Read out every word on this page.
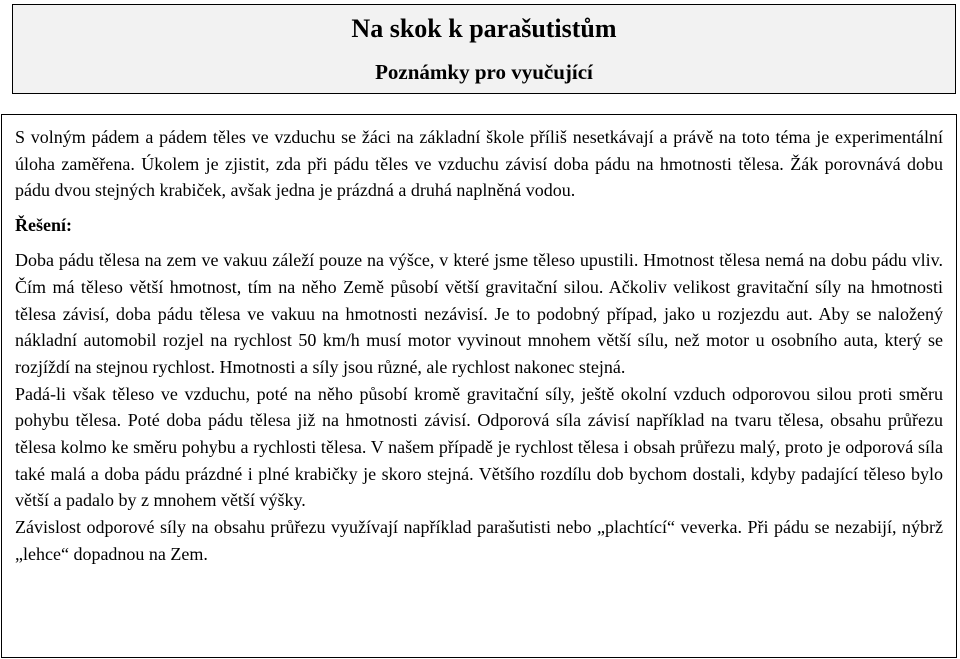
Na skok k parašutistům
Poznámky pro vyučující

S volným pádem a pádem těles ve vzduchu se žáci na základní škole příliš nesetkávají a právě na toto téma je experimentální úloha zaměřena. Úkolem je zjistit, zda při pádu těles ve vzduchu závisí doba pádu na hmotnosti tělesa. Žák porovnává dobu pádu dvou stejných krabiček, avšak jedna je prázdná a druhá naplněná vodou.

Řešení:

Doba pádu tělesa na zem ve vakuu záleží pouze na výšce, v které jsme těleso upustili. Hmotnost tělesa nemá na dobu pádu vliv. Čím má těleso větší hmotnost, tím na něho Země působí větší gravitační silou. Ačkoliv velikost gravitační síly na hmotnosti tělesa závisí, doba pádu tělesa ve vakuu na hmotnosti nezávisí. Je to podobný případ, jako u rozjezdu aut. Aby se naložený nákladní automobil rozjel na rychlost 50 km/h musí motor vyvinout mnohem větší sílu, než motor u osobního auta, který se rozjíždí na stejnou rychlost. Hmotnosti a síly jsou různé, ale rychlost nakonec stejná.

Padá-li však těleso ve vzduchu, poté na něho působí kromě gravitační síly, ještě okolní vzduch odporovou silou proti směru pohybu tělesa. Poté doba pádu tělesa již na hmotnosti závisí. Odporová síla závisí například na tvaru tělesa, obsahu průřezu tělesa kolmo ke směru pohybu a rychlosti tělesa. V našem případě je rychlost tělesa i obsah průřezu malý, proto je odporová síla také malá a doba pádu prázdné i plné krabičky je skoro stejná. Většího rozdílu dob bychom dostali, kdyby padající těleso bylo větší a padalo by z mnohem větší výšky.

Závislost odporové síly na obsahu průřezu využívají například parašutisti nebo „plachtící“ veverka. Při pádu se nezabijí, nýbrž „lehce“ dopadnou na Zem.
